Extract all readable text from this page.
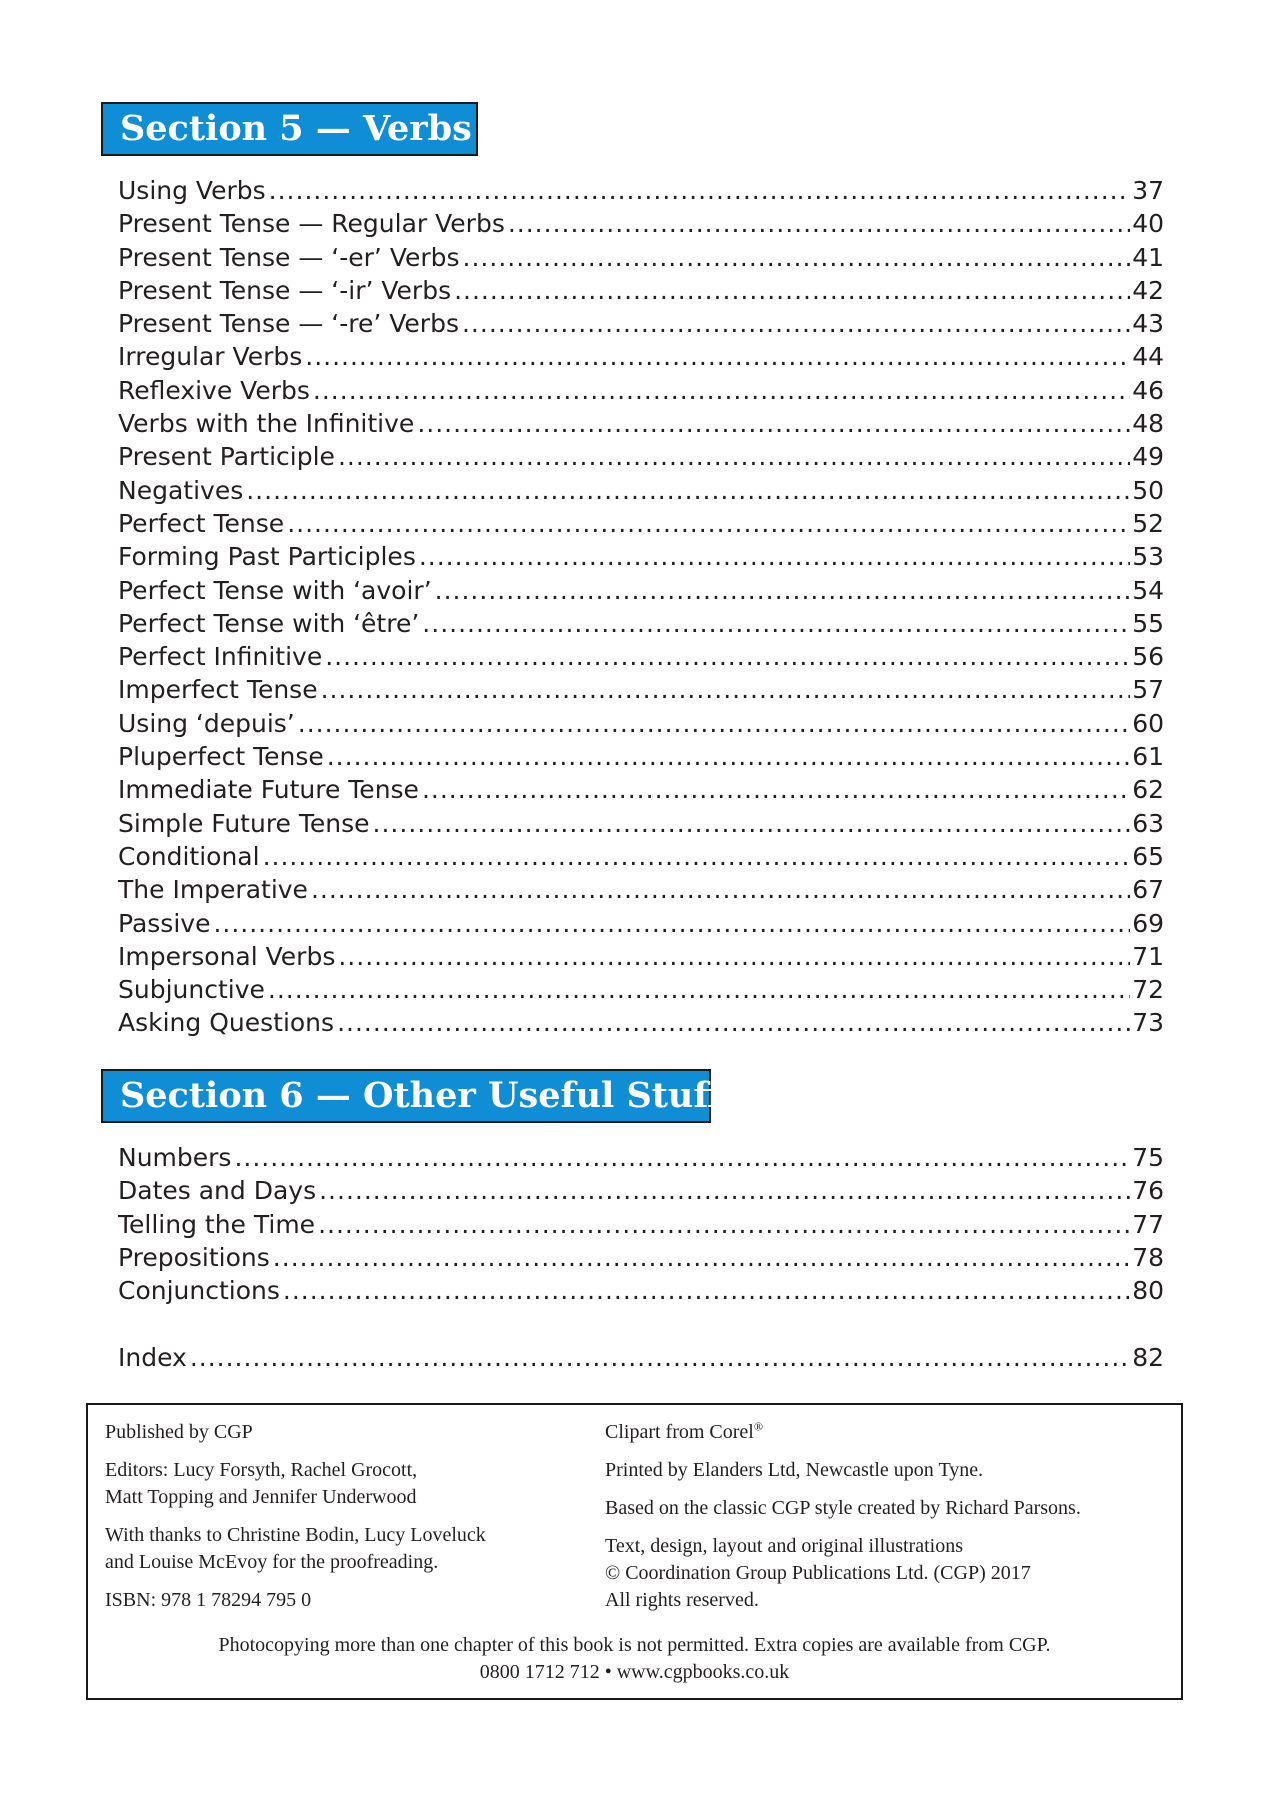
Section 5 — Verbs
Using Verbs .....	37
Present Tense — Regular Verbs .....	40
Present Tense — ‘-er’ Verbs .....	41
Present Tense — ‘-ir’ Verbs .....	42
Present Tense — ‘-re’ Verbs .....	43
Irregular Verbs .....	44
Reflexive Verbs .....	46
Verbs with the Infinitive .....	48
Present Participle .....	49
Negatives .....	50
Perfect Tense .....	52
Forming Past Participles .....	53
Perfect Tense with ‘avoir’ .....	54
Perfect Tense with ‘être’ .....	55
Perfect Infinitive .....	56
Imperfect Tense .....	57
Using ‘depuis’ .....	60
Pluperfect Tense .....	61
Immediate Future Tense .....	62
Simple Future Tense .....	63
Conditional .....	65
The Imperative .....	67
Passive .....	69
Impersonal Verbs .....	71
Subjunctive .....	72
Asking Questions .....	73
Section 6 — Other Useful Stuff
Numbers .....	75
Dates and Days .....	76
Telling the Time .....	77
Prepositions .....	78
Conjunctions .....	80
Index .....	82

Published by CGP

Editors: Lucy Forsyth, Rachel Grocott,
Matt Topping and Jennifer Underwood

With thanks to Christine Bodin, Lucy Loveluck
and Louise McEvoy for the proofreading.

ISBN: 978 1 78294 795 0

Clipart from Corel®

Printed by Elanders Ltd, Newcastle upon Tyne.

Based on the classic CGP style created by Richard Parsons.

Text, design, layout and original illustrations
© Coordination Group Publications Ltd. (CGP) 2017
All rights reserved.

Photocopying more than one chapter of this book is not permitted. Extra copies are available from CGP.
0800 1712 712 • www.cgpbooks.co.uk
